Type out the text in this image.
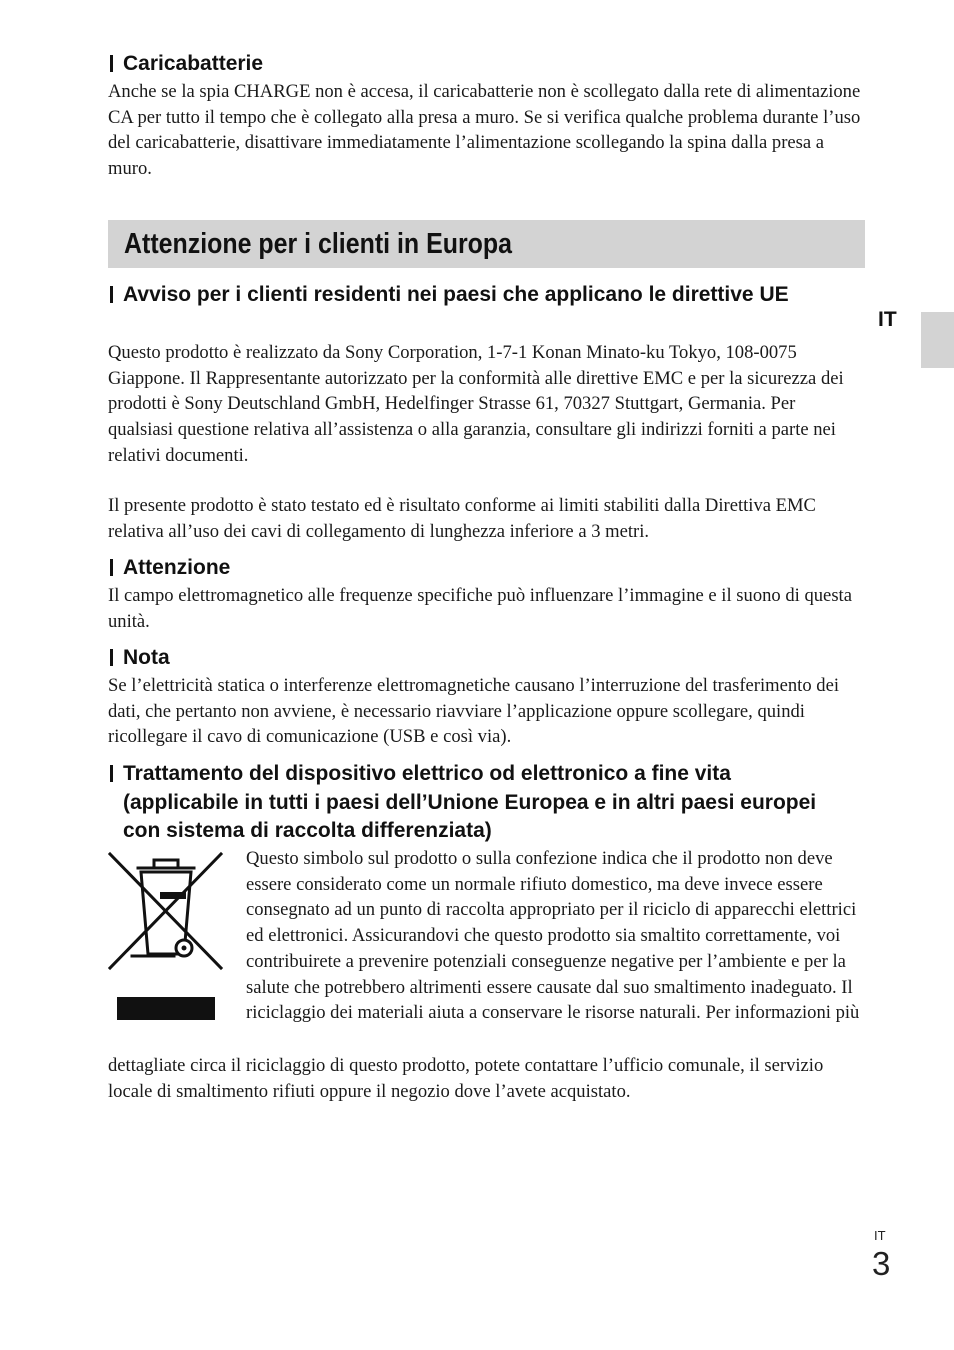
Caricabatterie

Anche se la spia CHARGE non è accesa, il caricabatterie non è scollegato dalla rete di alimentazione CA per tutto il tempo che è collegato alla presa a muro. Se si verifica qualche problema durante l’uso del caricabatterie, disattivare immediatamente l’alimentazione scollegando la spina dalla presa a muro.

Attenzione per i clienti in Europa
IT
Avviso per i clienti residenti nei paesi che applicano le direttive UE

Questo prodotto è realizzato da Sony Corporation, 1-7-1 Konan Minato-ku Tokyo, 108-0075 Giappone. Il Rappresentante autorizzato per la conformità alle direttive EMC e per la sicurezza dei prodotti è Sony Deutschland GmbH, Hedelfinger Strasse 61, 70327 Stuttgart, Germania. Per qualsiasi questione relativa all’assistenza o alla garanzia, consultare gli indirizzi forniti a parte nei relativi documenti.

Il presente prodotto è stato testato ed è risultato conforme ai limiti stabiliti dalla Direttiva EMC relativa all’uso dei cavi di collegamento di lunghezza inferiore a 3 metri.

Attenzione

Il campo elettromagnetico alle frequenze specifiche può influenzare l’immagine e il suono di questa unità.

Nota

Se l’elettricità statica o interferenze elettromagnetiche causano l’interruzione del trasferimento dei dati, che pertanto non avviene, è necessario riavviare l’applicazione oppure scollegare, quindi ricollegare il cavo di comunicazione (USB e così via).

Trattamento del dispositivo elettrico od elettronico a fine vita (applicabile in tutti i paesi dell’Unione Europea e in altri paesi europei con sistema di raccolta differenziata)

Questo simbolo sul prodotto o sulla confezione indica che il prodotto non deve essere considerato come un normale rifiuto domestico, ma deve invece essere consegnato ad un punto di raccolta appropriato per il riciclo di apparecchi elettrici ed elettronici. Assicurandovi che questo prodotto sia smaltito correttamente, voi contribuirete a prevenire potenziali conseguenze negative per l’ambiente e per la salute che potrebbero altrimenti essere causate dal suo smaltimento inadeguato. Il riciclaggio dei materiali aiuta a conservare le risorse naturali. Per informazioni più

dettagliate circa il riciclaggio di questo prodotto, potete contattare l’ufficio comunale, il servizio locale di smaltimento rifiuti oppure il negozio dove l’avete acquistato.

IT
3
